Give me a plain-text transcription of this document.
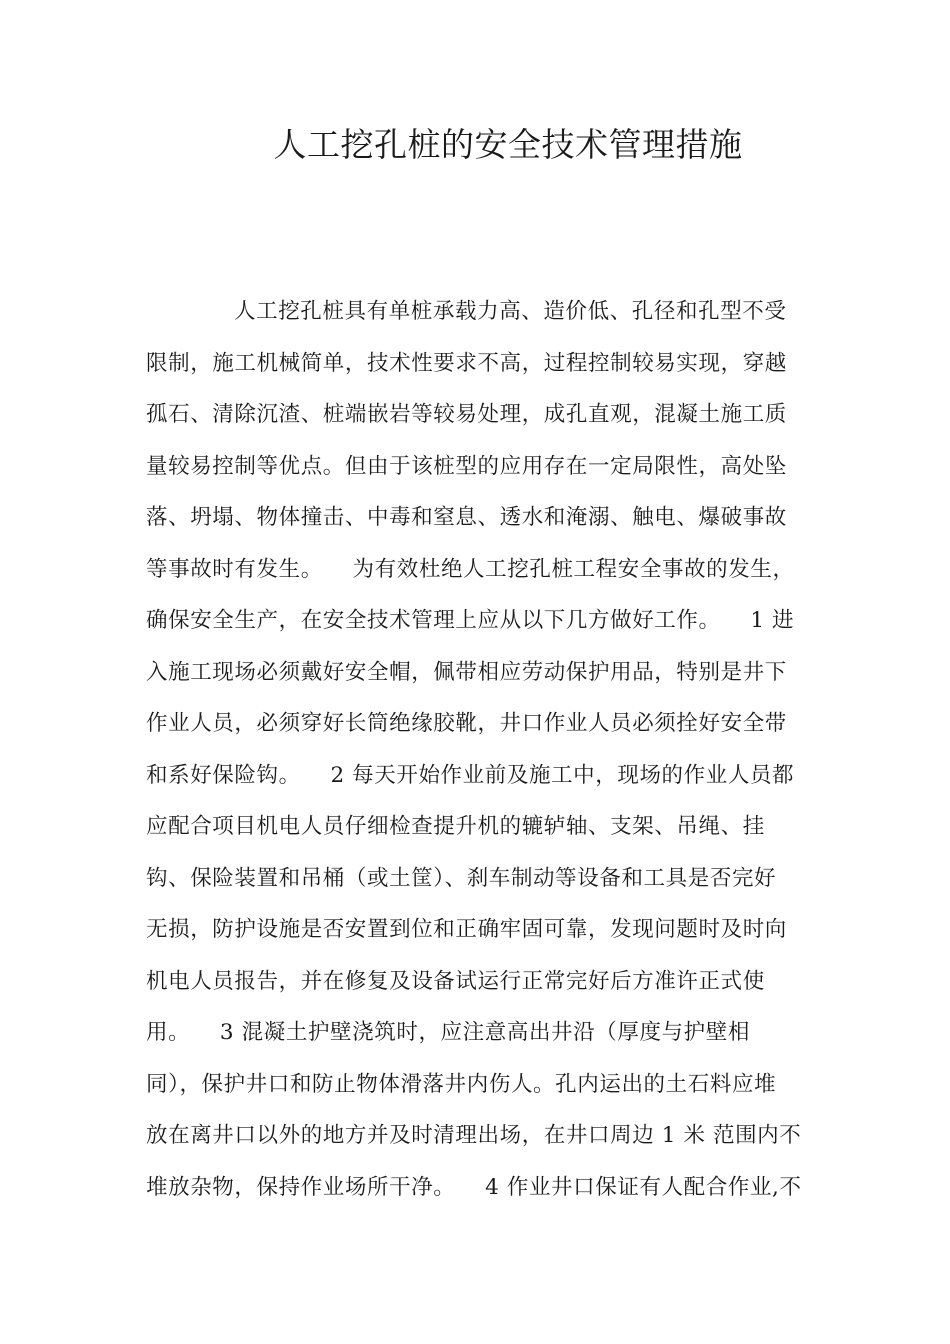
人工挖孔桩的安全技术管理措施
人工挖孔桩具有单桩承载力高、造价低、孔径和孔型不受
限制，施工机械简单，技术性要求不高，过程控制较易实现，穿越
孤石、清除沉渣、桩端嵌岩等较易处理，成孔直观，混凝土施工质
量较易控制等优点。但由于该桩型的应用存在一定局限性，高处坠
落、坍塌、物体撞击、中毒和窒息、透水和淹溺、触电、爆破事故
等事故时有发生。    为有效杜绝人工挖孔桩工程安全事故的发生，
确保安全生产，在安全技术管理上应从以下几方做好工作。    1 进
入施工现场必须戴好安全帽，佩带相应劳动保护用品，特别是井下
作业人员，必须穿好长筒绝缘胶靴，井口作业人员必须拴好安全带
和系好保险钩。    2 每天开始作业前及施工中，现场的作业人员都
应配合项目机电人员仔细检查提升机的辘轳轴、支架、吊绳、挂
钩、保险装置和吊桶（或土筐）、刹车制动等设备和工具是否完好
无损，防护设施是否安置到位和正确牢固可靠，发现问题时及时向
机电人员报告，并在修复及设备试运行正常完好后方准许正式使
用。    3 混凝土护壁浇筑时，应注意高出井沿（厚度与护壁相
同），保护井口和防止物体滑落井内伤人。孔内运出的土石料应堆
放在离井口以外的地方并及时清理出场，在井口周边 1 米 范围内不
堆放杂物，保持作业场所干净。    4 作业井口保证有人配合作业,不
